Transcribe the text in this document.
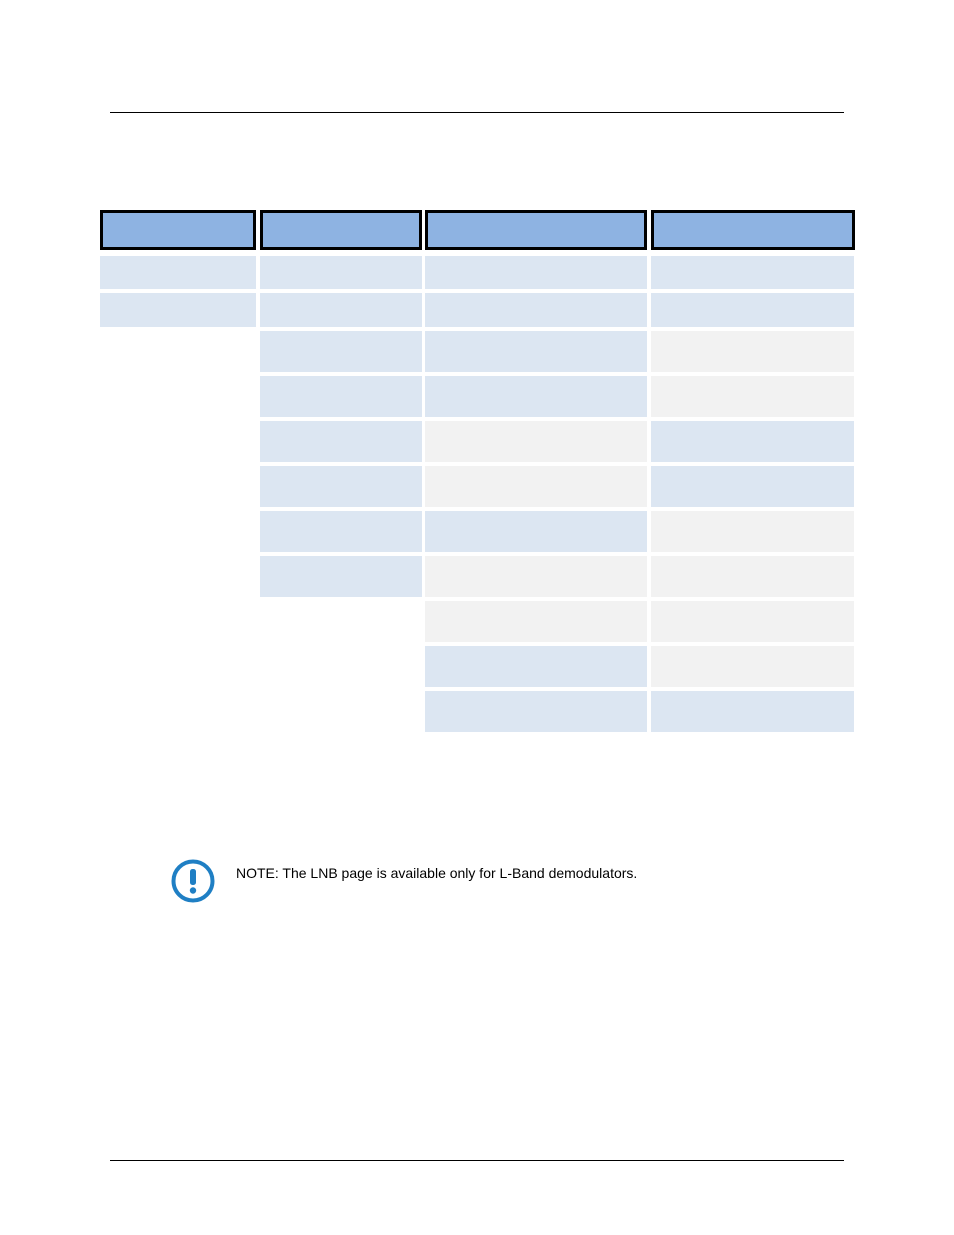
NOTE: The LNB page is available only for L-Band demodulators.
